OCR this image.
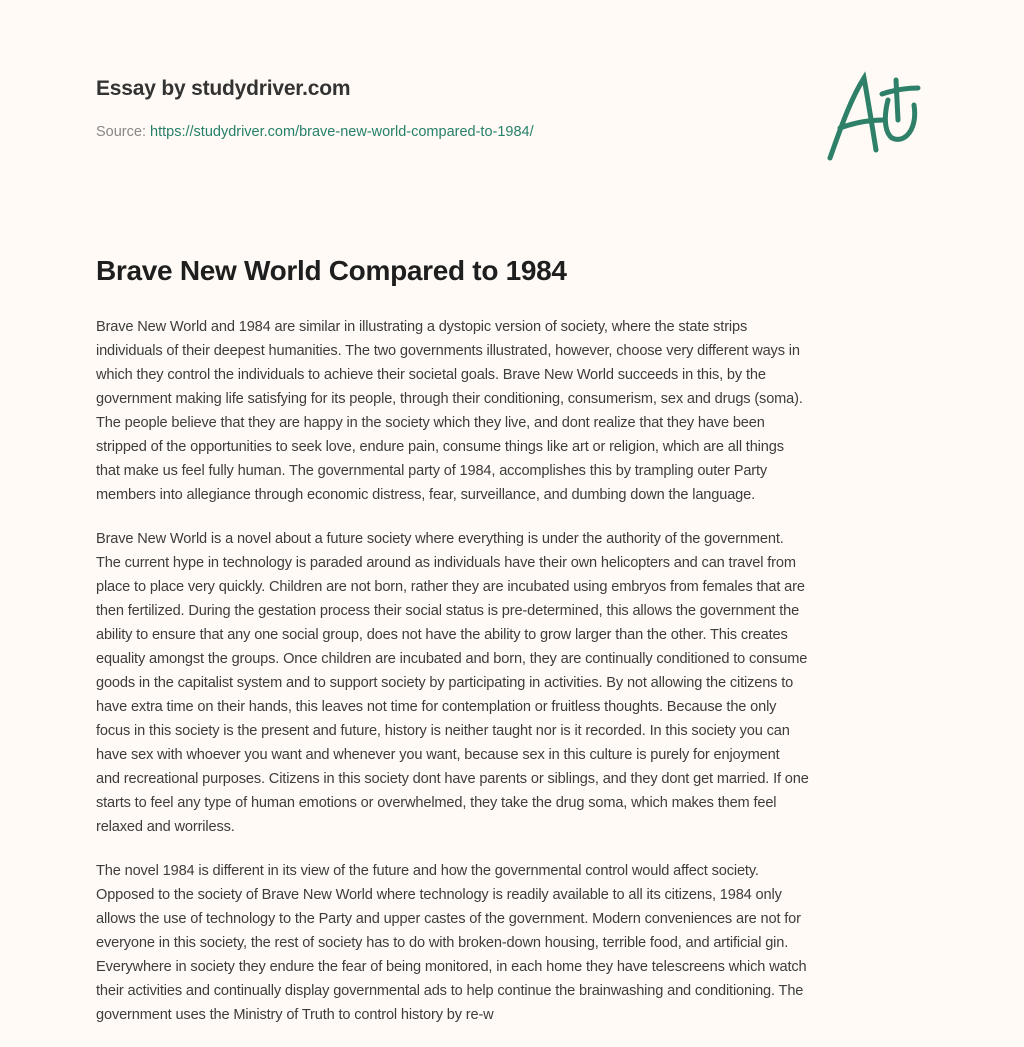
Essay by studydriver.com
Source: https://studydriver.com/brave-new-world-compared-to-1984/
Brave New World Compared to 1984

Brave New World and 1984 are similar in illustrating a dystopic version of society, where the state strips
individuals of their deepest humanities. The two governments illustrated, however, choose very different ways in
which they control the individuals to achieve their societal goals. Brave New World succeeds in this, by the
government making life satisfying for its people, through their conditioning, consumerism, sex and drugs (soma).
The people believe that they are happy in the society which they live, and dont realize that they have been
stripped of the opportunities to seek love, endure pain, consume things like art or religion, which are all things
that make us feel fully human. The governmental party of 1984, accomplishes this by trampling outer Party
members into allegiance through economic distress, fear, surveillance, and dumbing down the language.

Brave New World is a novel about a future society where everything is under the authority of the government.
The current hype in technology is paraded around as individuals have their own helicopters and can travel from
place to place very quickly. Children are not born, rather they are incubated using embryos from females that are
then fertilized. During the gestation process their social status is pre-determined, this allows the government the
ability to ensure that any one social group, does not have the ability to grow larger than the other. This creates
equality amongst the groups. Once children are incubated and born, they are continually conditioned to consume
goods in the capitalist system and to support society by participating in activities. By not allowing the citizens to
have extra time on their hands, this leaves not time for contemplation or fruitless thoughts. Because the only
focus in this society is the present and future, history is neither taught nor is it recorded. In this society you can
have sex with whoever you want and whenever you want, because sex in this culture is purely for enjoyment
and recreational purposes. Citizens in this society dont have parents or siblings, and they dont get married. If one
starts to feel any type of human emotions or overwhelmed, they take the drug soma, which makes them feel
relaxed and worriless.

The novel 1984 is different in its view of the future and how the governmental control would affect society.
Opposed to the society of Brave New World where technology is readily available to all its citizens, 1984 only
allows the use of technology to the Party and upper castes of the government. Modern conveniences are not for
everyone in this society, the rest of society has to do with broken-down housing, terrible food, and artificial gin.
Everywhere in society they endure the fear of being monitored, in each home they have telescreens which watch
their activities and continually display governmental ads to help continue the brainwashing and conditioning. The
government uses the Ministry of Truth to control history by re-w
